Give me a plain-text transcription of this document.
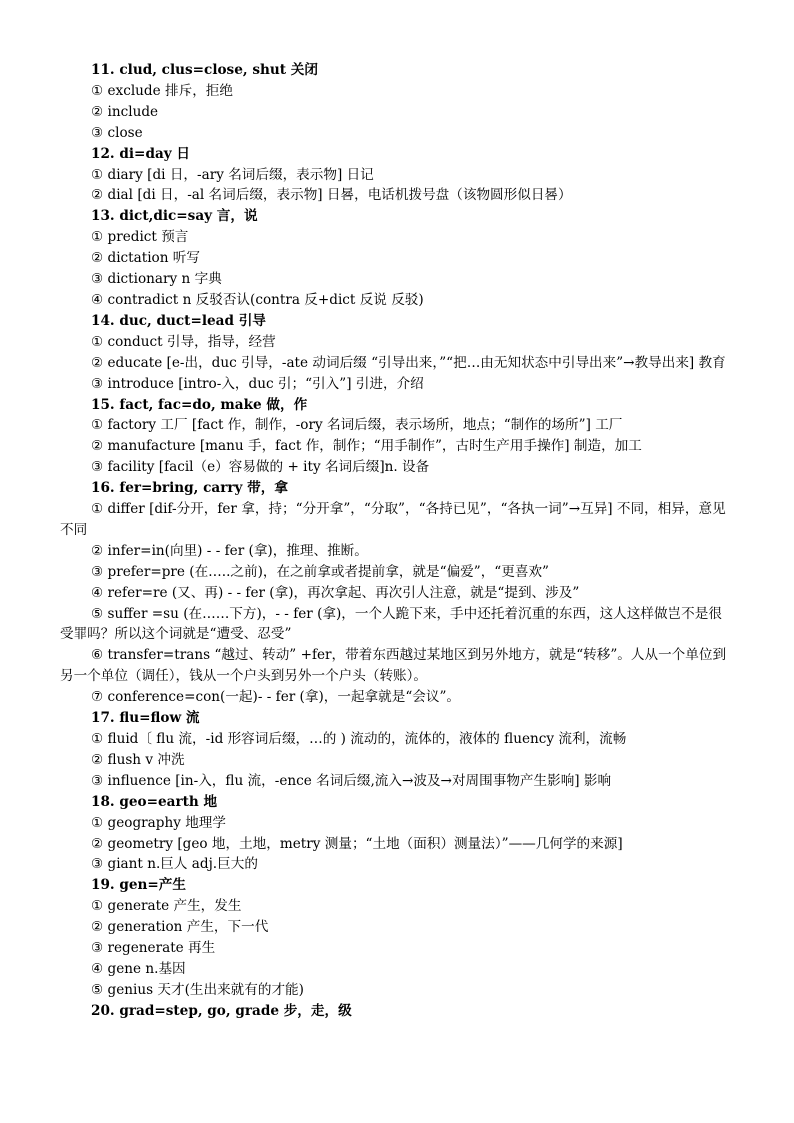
11. clud, clus=close, shut 关闭
① exclude 排斥，拒绝
② include
③ close
12. di=day 日
① diary [di 日，-ary 名词后缀，表示物] 日记
② dial [di 日，-al 名词后缀，表示物] 日晷，电话机拨号盘（该物圆形似日晷）
13. dict,dic=say 言，说
① predict 预言
② dictation 听写
③ dictionary n 字典
④ contradict n 反驳否认(contra 反+dict 反说 反驳)
14. duc, duct=lead 引导
① conduct 引导，指导，经营
② educate [e-出，duc 引导，-ate 动词后缀 “引导出来，”“把…由无知状态中引导出来”→教导出来] 教育
③ introduce [intro-入，duc 引；“引入”] 引进，介绍
15. fact, fac=do, make 做，作
① factory 工厂 [fact 作，制作，-ory 名词后缀，表示场所，地点；“制作的场所”] 工厂
② manufacture [manu 手，fact 作，制作；“用手制作”，古时生产用手操作] 制造，加工
③ facility [facil（e）容易做的 + ity 名词后缀]n. 设备
16. fer=bring, carry 带，拿
① differ [dif-分开，fer 拿，持；“分开拿”，“分取”，“各持已见”，“各执一词”→互异] 不同，相异，意见不同
② infer=in(向里) - - fer (拿)，推理、推断。
③ prefer=pre (在…..之前)，在之前拿或者提前拿，就是“偏爱”，“更喜欢”
④ refer=re (又、再) - - fer (拿)，再次拿起、再次引人注意，就是“提到、涉及”
⑤ suffer =su (在……下方)，- - fer (拿)，一个人跪下来，手中还托着沉重的东西，这人这样做岂不是很受罪吗？所以这个词就是“遭受、忍受”
⑥ transfer=trans “越过、转动” +fer，带着东西越过某地区到另外地方，就是“转移”。人从一个单位到另一个单位（调任），钱从一个户头到另外一个户头（转账）。
⑦ conference=con(一起)- - fer (拿)，一起拿就是“会议”。
17. flu=flow 流
① fluid〔 flu 流，-id 形容词后缀，…的 ) 流动的，流体的，液体的 fluency 流利，流畅
② flush v 冲洗
③ influence [in-入，flu 流，-ence 名词后缀,流入→波及→对周围事物产生影响] 影响
18. geo=earth 地
① geography 地理学
② geometry [geo 地，土地，metry 测量；“土地（面积）测量法）”——几何学的来源]
③ giant n.巨人 adj.巨大的
19. gen=产生
① generate 产生，发生
② generation 产生，下一代
③ regenerate 再生
④ gene n.基因
⑤ genius 天才(生出来就有的才能)
20. grad=step, go, grade 步，走，级
